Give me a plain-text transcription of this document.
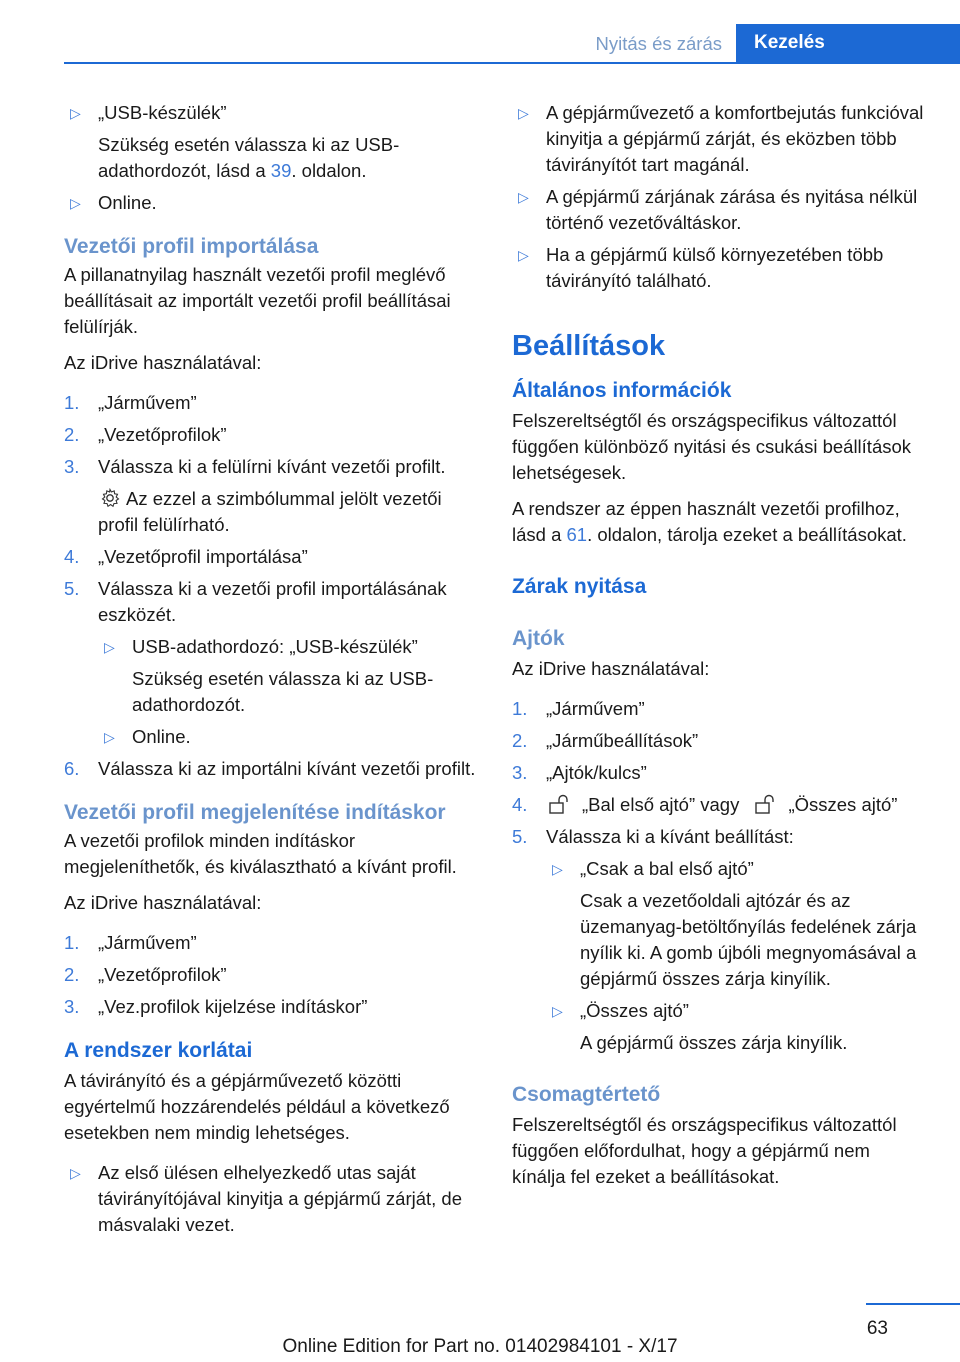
Nyitás és zárás	Kezelés
▷ „USB-készülék”
Szükség esetén válassza ki az USB-adathordozót, lásd a 39. oldalon.
▷ Online.
Vezetői profil importálása

A pillanatnyilag használt vezetői profil meglévő beállításait az importált vezetői profil beállításai felülírják.

Az iDrive használatával:

1. „Járművem”
2. „Vezetőprofilok”
3. Válassza ki a felülírni kívánt vezetői profilt.
Az ezzel a szimbólummal jelölt vezetői profil felülírható.
4. „Vezetőprofil importálása”
5. Válassza ki a vezetői profil importálásának eszközét.
▷ USB-adathordozó: „USB-készülék”
Szükség esetén válassza ki az USB-adathordozót.
▷ Online.
6. Válassza ki az importálni kívánt vezetői profilt.
Vezetői profil megjelenítése indításkor

A vezetői profilok minden indításkor megjeleníthetők, és kiválasztható a kívánt profil.

Az iDrive használatával:

1. „Járművem”
2. „Vezetőprofilok”
3. „Vez.profilok kijelzése indításkor”
A rendszer korlátai

A távirányító és a gépjárművezető közötti egyértelmű hozzárendelés például a következő esetekben nem mindig lehetséges.

▷ Az első ülésen elhelyezkedő utas saját távirányítójával kinyitja a gépjármű zárját, de másvalaki vezet.
▷ A gépjárművezető a komfortbejutás funkcióval kinyitja a gépjármű zárját, és eközben több távirányítót tart magánál.
▷ A gépjármű zárjának zárása és nyitása nélkül történő vezetőváltáskor.
▷ Ha a gépjármű külső környezetében több távirányító található.
Beállítások
Általános információk

Felszereltségtől és országspecifikus változattól függően különböző nyitási és csukási beállítások lehetségesek.

A rendszer az éppen használt vezetői profilhoz, lásd a 61. oldalon, tárolja ezeket a beállításokat.

Zárak nyitása
Ajtók

Az iDrive használatával:

1. „Járművem”
2. „Járműbeállítások”
3. „Ajtók/kulcs”
4.	„Bal első ajtó” vagy	„Összes ajtó”
5. Válassza ki a kívánt beállítást:
▷ „Csak a bal első ajtó”
Csak a vezetőoldali ajtózár és az üzemanyag-betöltőnyílás fedelének zárja nyílik ki. A gomb újbóli megnyomásával a gépjármű összes zárja kinyílik.
▷ „Összes ajtó”
A gépjármű összes zárja kinyílik.
Csomagtértető

Felszereltségtől és országspecifikus változattól függően előfordulhat, hogy a gépjármű nem kínálja fel ezeket a beállításokat.

63
Online Edition for Part no. 01402984101 - X/17
